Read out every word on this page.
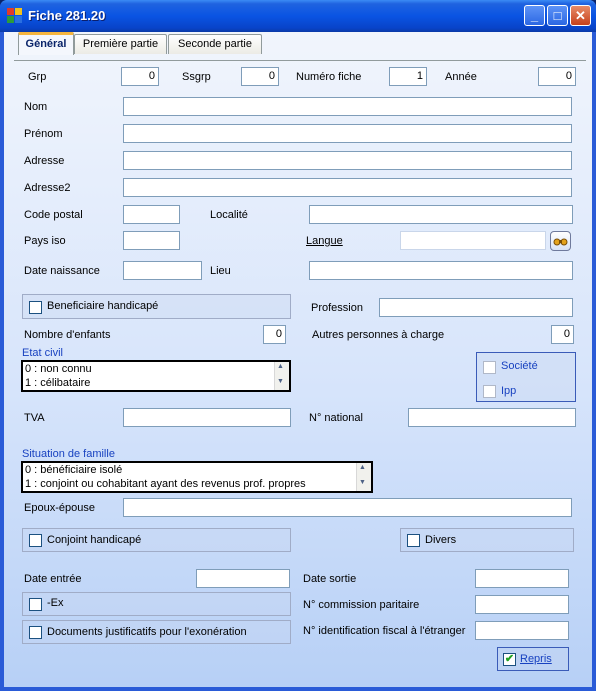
Fiche 281.20	_	□	✕
Général	Première partie	Seconde partie
Grp	0	Ssgrp	0	Numéro fiche	1	Année	0
Nom
Prénom
Adresse
Adresse2
Code postal	Localité
Pays iso	Langue
Date naissance	Lieu
Beneficiaire handicapé	Profession
Nombre d'enfants	0	Autres personnes à charge	0
Etat civil
0 : non connu
1 : célibataire
▲
▼
Société
Ipp
TVA	N° national
Situation de famille
0 : bénéficiaire isolé
1 : conjoint ou cohabitant ayant des revenus prof. propres
▲
▼
Epoux-épouse
Conjoint handicapé	Divers
Date entrée	Date sortie
-Ex	N° commission paritaire
Documents justificatifs pour l'exonération	N° identification fiscal à l'étranger
✔ Repris
